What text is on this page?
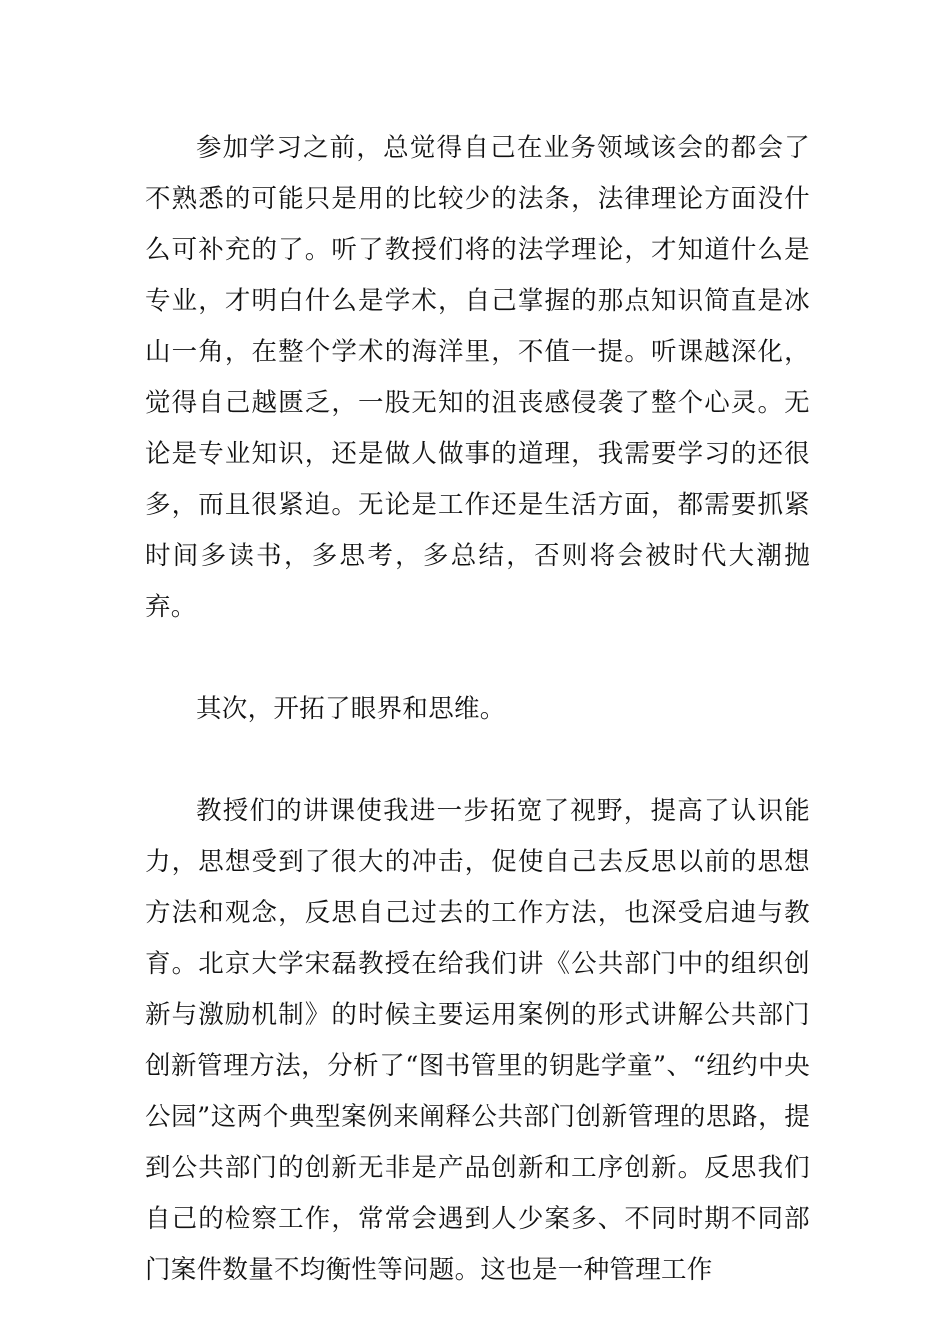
参加学习之前，总觉得自己在业务领域该会的都会了不熟悉的可能只是用的比较少的法条，法律理论方面没什么可补充的了。听了教授们将的法学理论，才知道什么是专业，才明白什么是学术，自己掌握的那点知识简直是冰山一角，在整个学术的海洋里，不值一提。听课越深化，觉得自己越匮乏，一股无知的沮丧感侵袭了整个心灵。无论是专业知识，还是做人做事的道理，我需要学习的还很多，而且很紧迫。无论是工作还是生活方面，都需要抓紧时间多读书，多思考，多总结，否则将会被时代大潮抛弃。

其次，开拓了眼界和思维。

教授们的讲课使我进一步拓宽了视野，提高了认识能力，思想受到了很大的冲击，促使自己去反思以前的思想方法和观念，反思自己过去的工作方法，也深受启迪与教育。北京大学宋磊教授在给我们讲《公共部门中的组织创新与激励机制》的时候主要运用案例的形式讲解公共部门创新管理方法，分析了“图书管里的钥匙学童”、“纽约中央公园”这两个典型案例来阐释公共部门创新管理的思路，提到公共部门的创新无非是产品创新和工序创新。反思我们自己的检察工作，常常会遇到人少案多、不同时期不同部门案件数量不均衡性等问题。这也是一种管理工作
